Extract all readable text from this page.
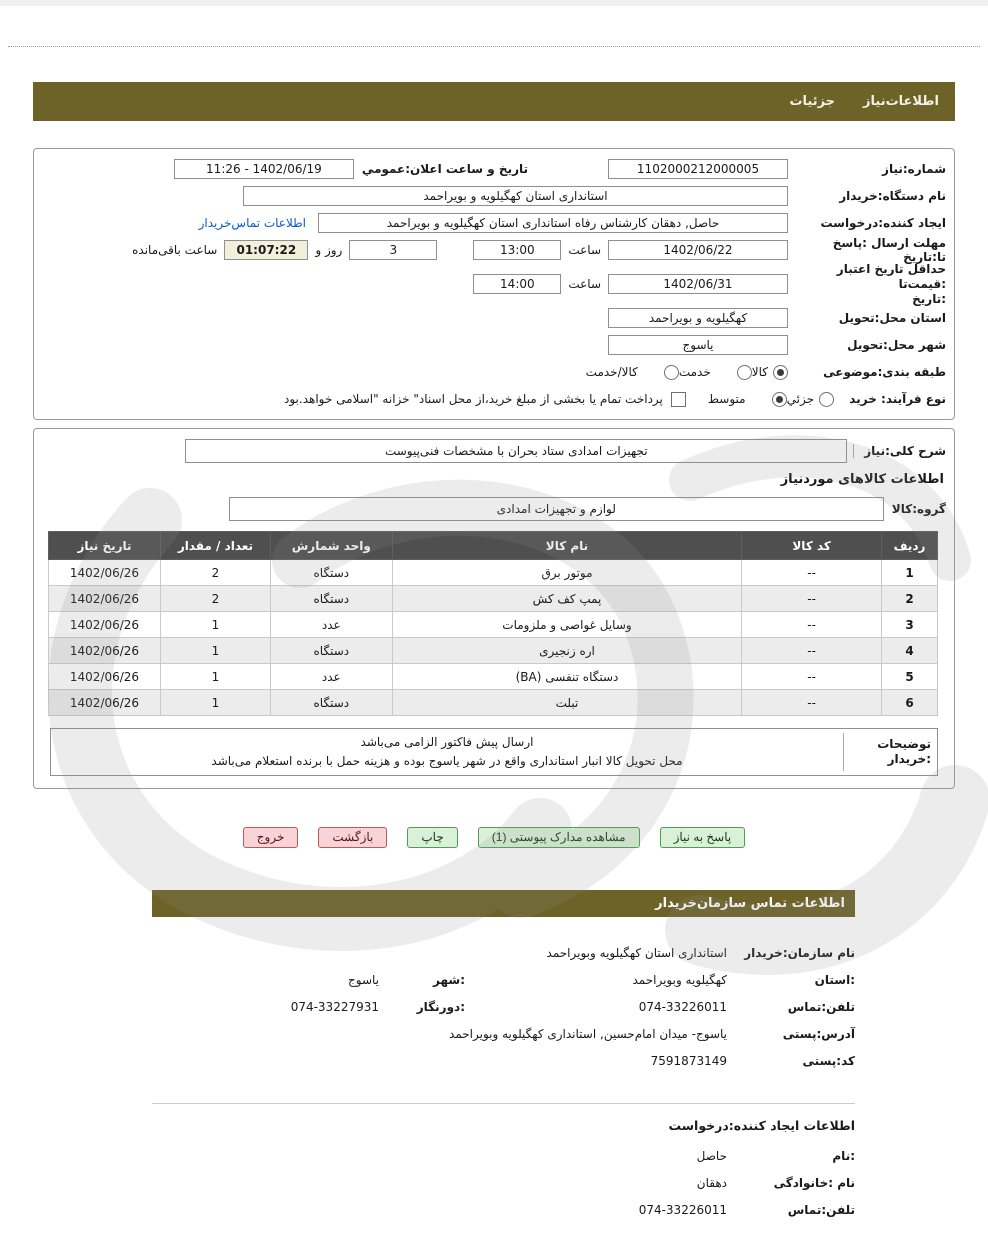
اطلاعات‌نیاز
جزئیات
شماره:نیاز
1102000212000005
تاریخ و ساعت اعلان:عمومي
1402/06/19 - 11:26
نام دستگاه:خریدار
استانداری استان کهگیلویه و بویراحمد
ایجاد کننده:درخواست
حاصل, دهقان کارشناس رفاه استانداری استان کهگیلویه و بویراحمد
اطلاعات تماس‌خریدار
مهلت ارسال :پاسخ تا:تاریخ
1402/06/22
ساعت
13:00
3
روز و
01:07:22
ساعت باقی‌مانده
حداقل تاریخ اعتبار :قیمت‌تا
:تاریخ
1402/06/31
ساعت
14:00
استان محل:تحویل
کهگیلویه و بویراحمد
شهر محل:تحویل
یاسوج
طبقه بندی:موضوعی
کالا
خدمت
کالا/خدمت
نوع فرآیند: خرید
جزئي
متوسط
پرداخت تمام یا بخشی از مبلغ خرید،از محل اسناد" خزانه "اسلامی خواهد.بود
شرح کلی:نیاز
تجهیزات امدادی ستاد بحران با مشخصات فنی‌پیوست
اطلاعات کالاهای موردنیاز
گروه:کالا
لوازم و تجهیزات امدادی
ردیف	کد کالا	نام کالا	واحد شمارش	تعداد / مقدار	تاریخ نیاز
1	--	موتور برق	دستگاه	2	1402/06/26
2	--	پمپ کف کش	دستگاه	2	1402/06/26
3	--	وسایل غواصی و ملزومات	عدد	1	1402/06/26
4	--	اره زنجیری	دستگاه	1	1402/06/26
5	--	دستگاه تنفسی (BA)	عدد	1	1402/06/26
6	--	تبلت	دستگاه	1	1402/06/26
توضیحات
:خریدار
ارسال پیش فاکتور الزامی می‌باشد
محل تحویل کالا انبار استانداری واقع در شهر یاسوج بوده و هزینه حمل با برنده استعلام می‌باشد
پاسخ به نیاز
مشاهده مدارک پیوستی (1)
چاپ
بازگشت
خروج
اطلاعات تماس سازمان‌خریدار
نام سازمان:خریدار
استانداری استان کهگیلویه وبویراحمد
:استان
کهگیلویه وبویراحمد
:شهر
یاسوج
تلفن:تماس
074-33226011
:دورنگار
074-33227931
آدرس:پستی
یاسوج- میدان امام‌حسین, استانداری کهگیلویه وبویراحمد
کد:پستی
7591873149
اطلاعات ایجاد کننده:درخواست
:نام
حاصل
نام :خانوادگی
دهقان
تلفن:تماس
074-33226011
